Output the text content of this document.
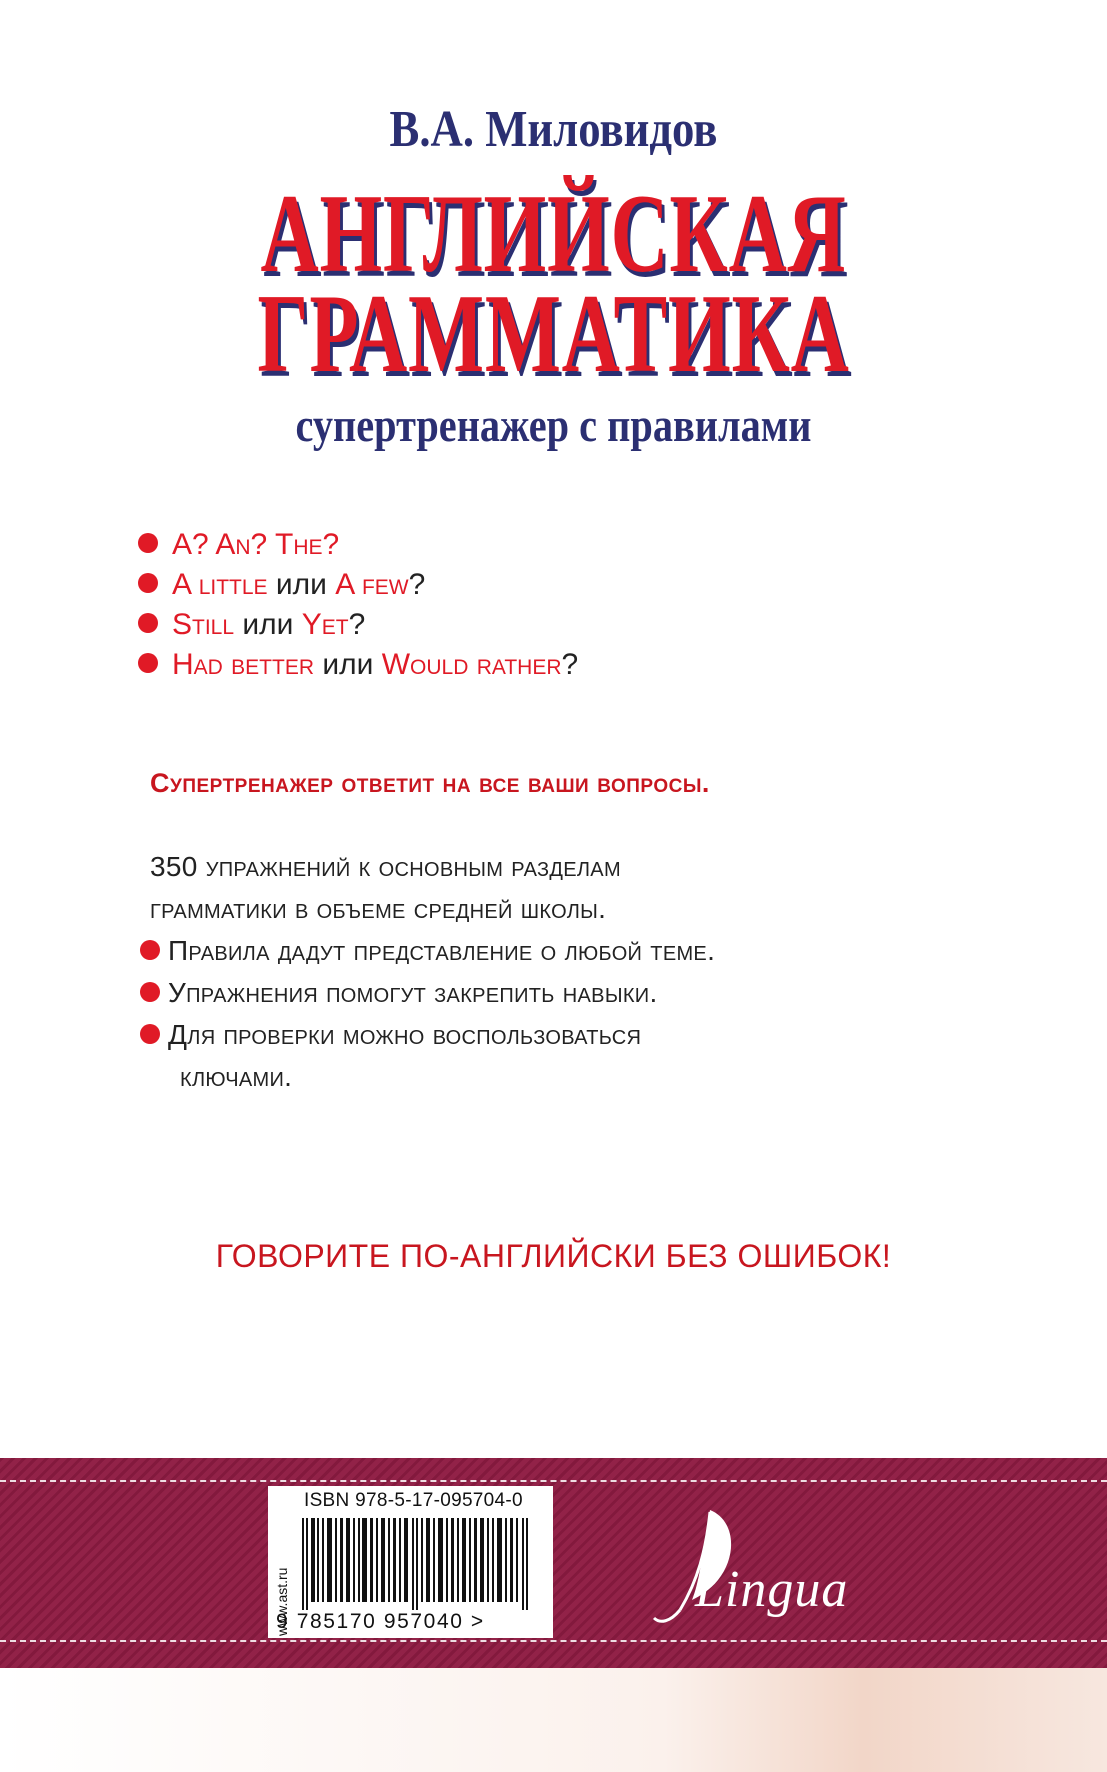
В.А. Миловидов
АНГЛИЙСКАЯ
ГРАММАТИКА
супертренажер с правилами
A? An? The?
A little или A few?
Still или Yet?
Had better или Would rather?
Супертренажер ответит на все ваши вопросы.
350 упражнений к основным разделам
грамматики в объеме средней школы.
Правила дадут представление о любой теме.
Упражнения помогут закрепить навыки.
Для проверки можно воспользоваться
ключами.
ГОВОРИТЕ ПО-АНГЛИЙСКИ БЕЗ ОШИБОК!
www.ast.ru
ISBN 978-5-17-095704-0
9 785170 957040 >
Lingua
